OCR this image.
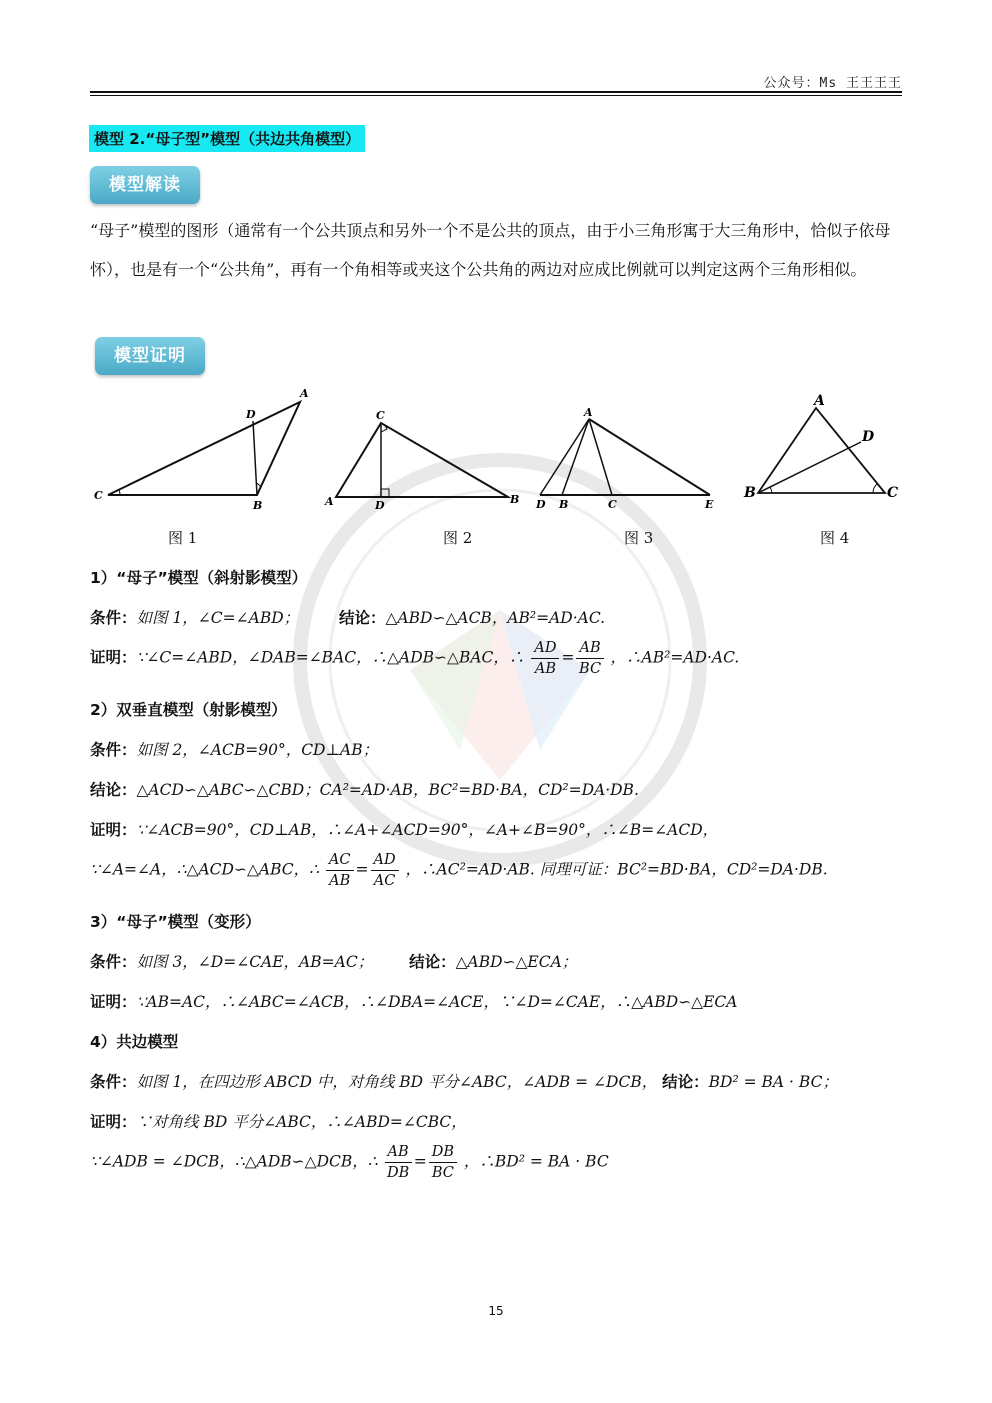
公众号：Ms 王王王王
模型 2.“母子型”模型（共边共角模型）
模型解读
“母子”模型的图形（通常有一个公共顶点和另外一个不是公共的顶点，由于小三角形寓于大三角形中，恰似子依母怀），也是有一个“公共角”，再有一个角相等或夹这个公共角的两边对应成比例就可以判定这两个三角形相似。
模型证明
A
B
C
D
图 1
A	B
C
D
图 2
A
B	C
D	E
图 3
A
B	C
D
图 4
1）“母子”模型（斜射影模型）
条件：如图 1，∠C=∠ABD；	结论：△ABD∽△ACB，AB²=AD·AC.
证明：∵∠C=∠ABD，∠DAB=∠BAC，∴△ADB∽△BAC，∴ $\frac{AD}{AB} = \frac{AB}{BC}$ ，∴AB²=AD·AC.
2）双垂直模型（射影模型）
条件：如图 2，∠ACB=90°，CD⊥AB；
结论：△ACD∽△ABC∽△CBD；CA²=AD·AB，BC²=BD·BA，CD²=DA·DB.
证明：∵∠ACB=90°，CD⊥AB，∴∠A+∠ACD=90°，∠A+∠B=90°，∴∠B=∠ACD，
∵∠A=∠A，∴△ACD∽△ABC，∴ $\frac{AC}{AB} = \frac{AD}{AC}$ ，∴AC²=AD·AB. 同理可证：BC²=BD·BA，CD²=DA·DB.
3）“母子”模型（变形）
条件：如图 3，∠D=∠CAE，AB=AC； 结论：△ABD∽△ECA；
证明：∵AB=AC，∴∠ABC=∠ACB，∴∠DBA=∠ACE，∵∠D=∠CAE，∴△ABD∽△ECA
4）共边模型
条件：如图 1，在四边形 ABCD 中，对角线 BD 平分∠ABC，∠ADB = ∠DCB， 结论：BD² = BA · BC；
证明：∵对角线 BD 平分∠ABC，∴∠ABD=∠CBC，
∵∠ADB = ∠DCB，∴△ADB∽△DCB，∴ $\frac{AB}{DB} = \frac{DB}{BC}$ ，∴BD² = BA · BC
15
